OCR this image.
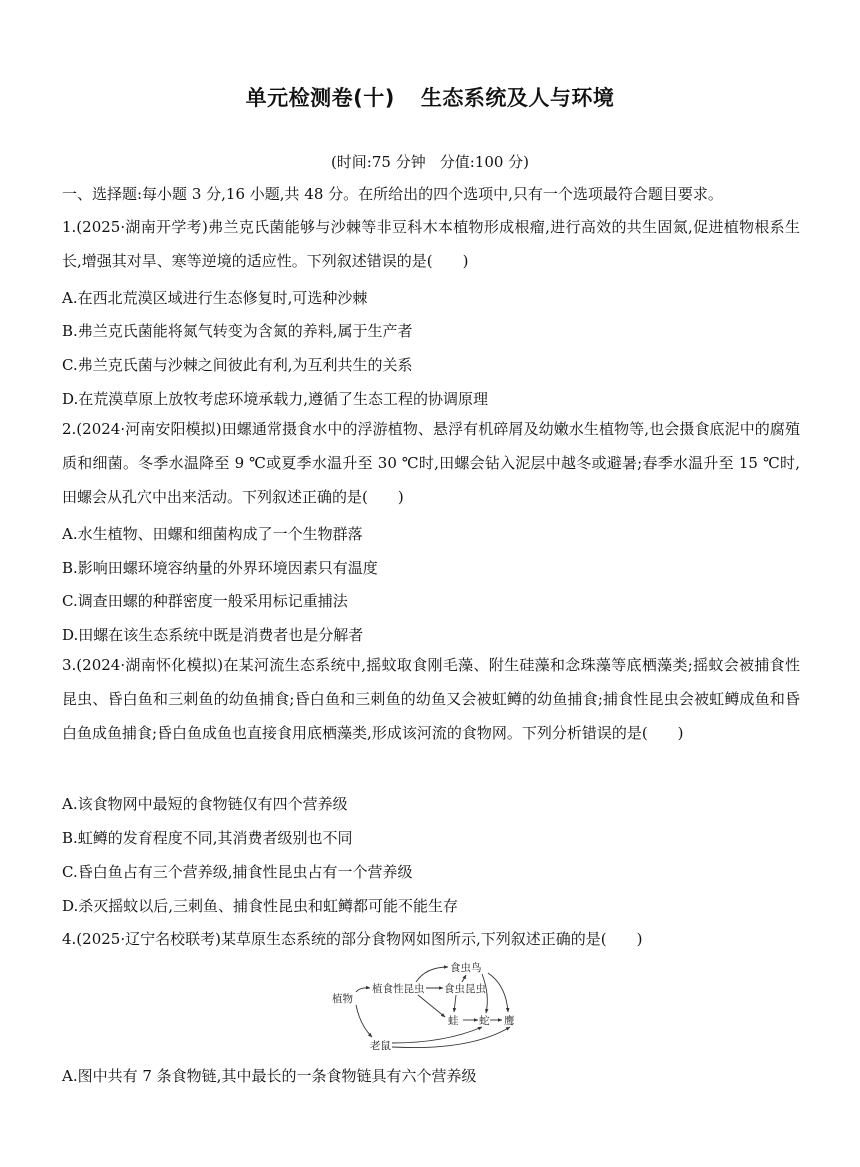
单元检测卷(十) 生态系统及人与环境
(时间:75 分钟 分值:100 分)
一、选择题:每小题 3 分,16 小题,共 48 分。在所给出的四个选项中,只有一个选项最符合题目要求。
1.(2025·湖南开学考)弗兰克氏菌能够与沙棘等非豆科木本植物形成根瘤,进行高效的共生固氮,促进植物根系生长,增强其对旱、寒等逆境的适应性。下列叙述错误的是(　　)
A.在西北荒漠区域进行生态修复时,可选种沙棘
B.弗兰克氏菌能将氮气转变为含氮的养料,属于生产者
C.弗兰克氏菌与沙棘之间彼此有利,为互利共生的关系
D.在荒漠草原上放牧考虑环境承载力,遵循了生态工程的协调原理
2.(2024·河南安阳模拟)田螺通常摄食水中的浮游植物、悬浮有机碎屑及幼嫩水生植物等,也会摄食底泥中的腐殖质和细菌。冬季水温降至 9 ℃或夏季水温升至 30 ℃时,田螺会钻入泥层中越冬或避暑;春季水温升至 15 ℃时,田螺会从孔穴中出来活动。下列叙述正确的是(　　)
A.水生植物、田螺和细菌构成了一个生物群落
B.影响田螺环境容纳量的外界环境因素只有温度
C.调查田螺的种群密度一般采用标记重捕法
D.田螺在该生态系统中既是消费者也是分解者
3.(2024·湖南怀化模拟)在某河流生态系统中,摇蚊取食刚毛藻、附生硅藻和念珠藻等底栖藻类;摇蚊会被捕食性昆虫、昏白鱼和三刺鱼的幼鱼捕食;昏白鱼和三刺鱼的幼鱼又会被虹鳟的幼鱼捕食;捕食性昆虫会被虹鳟成鱼和昏白鱼成鱼捕食;昏白鱼成鱼也直接食用底栖藻类,形成该河流的食物网。下列分析错误的是(　　)
A.该食物网中最短的食物链仅有四个营养级
B.虹鳟的发育程度不同,其消费者级别也不同
C.昏白鱼占有三个营养级,捕食性昆虫占有一个营养级
D.杀灭摇蚊以后,三刺鱼、捕食性昆虫和虹鳟都可能不能生存
4.(2025·辽宁名校联考)某草原生态系统的部分食物网如图所示,下列叙述正确的是(　　)
植物
植食性昆虫
食虫鸟
食虫昆虫
蛙 蛇 鹰
老鼠
A.图中共有 7 条食物链,其中最长的一条食物链具有六个营养级
